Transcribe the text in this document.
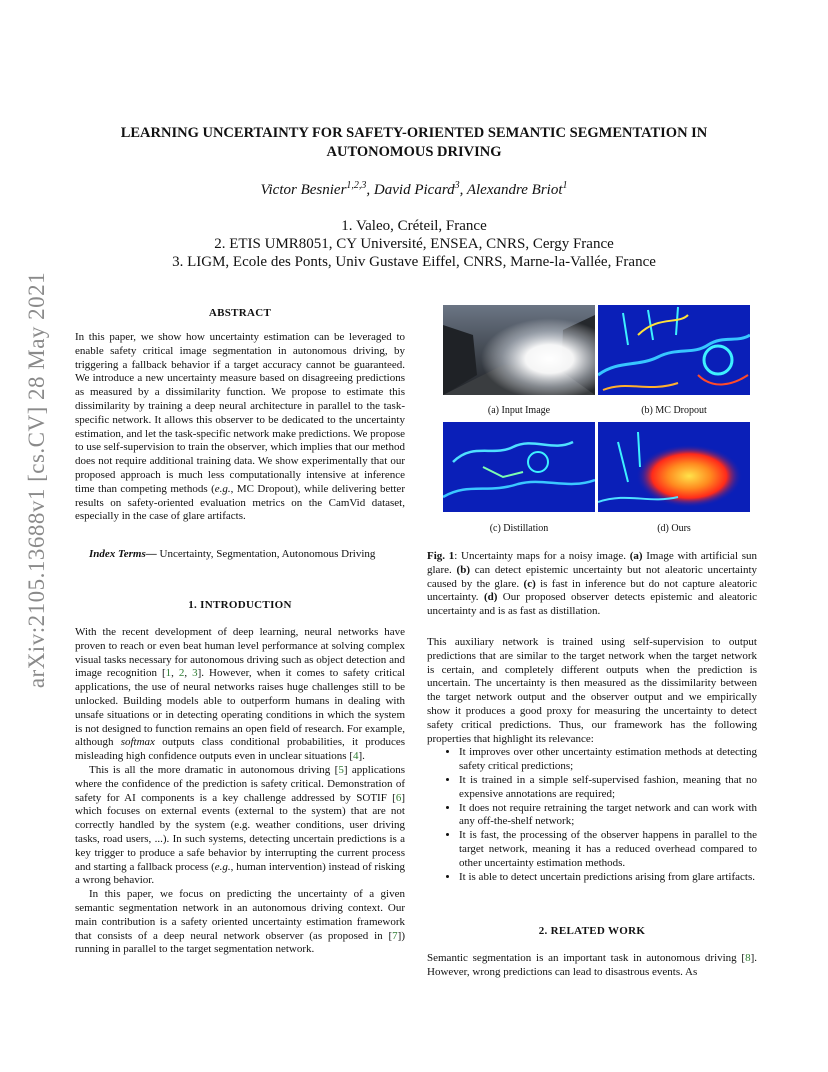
arXiv:2105.13688v1 [cs.CV] 28 May 2021
LEARNING UNCERTAINTY FOR SAFETY-ORIENTED SEMANTIC SEGMENTATION IN AUTONOMOUS DRIVING
Victor Besnier$^{1,2,3}$, David Picard$^3$, Alexandre Briot$^1$
1. Valeo, Créteil, France
2. ETIS UMR8051, CY Université, ENSEA, CNRS, Cergy France
3. LIGM, Ecole des Ponts, Univ Gustave Eiffel, CNRS, Marne-la-Vallée, France
ABSTRACT

In this paper, we show how uncertainty estimation can be leveraged to enable safety critical image segmentation in autonomous driving, by triggering a fallback behavior if a target accuracy cannot be guaranteed. We introduce a new uncertainty measure based on disagreeing predictions as measured by a dissimilarity function. We propose to estimate this dissimilarity by training a deep neural architecture in parallel to the task-specific network. It allows this observer to be dedicated to the uncertainty estimation, and let the task-specific network make predictions. We propose to use self-supervision to train the observer, which implies that our method does not require additional training data. We show experimentally that our proposed approach is much less computationally intensive at inference time than competing methods (e.g., MC Dropout), while delivering better results on safety-oriented evaluation metrics on the CamVid dataset, especially in the case of glare artifacts.

Index Terms— Uncertainty, Segmentation, Autonomous Driving

1. INTRODUCTION

With the recent development of deep learning, neural networks have proven to reach or even beat human level performance at solving complex visual tasks necessary for autonomous driving such as object detection and image recognition [1, 2, 3]. However, when it comes to safety critical applications, the use of neural networks raises huge challenges still to be unlocked. Building models able to outperform humans in dealing with unsafe situations or in detecting operating conditions in which the system is not designed to function remains an open field of research. For example, although softmax outputs class conditional probabilities, it produces misleading high confidence outputs even in unclear situations [4].

This is all the more dramatic in autonomous driving [5] applications where the confidence of the prediction is safety critical. Demonstration of safety for AI components is a key challenge addressed by SOTIF [6] which focuses on external events (external to the system) that are not correctly handled by the system (e.g. weather conditions, user driving tasks, road users, ...). In such systems, detecting uncertain predictions is a key trigger to produce a safe behavior by interrupting the current process and starting a fallback process (e.g., human intervention) instead of risking a wrong behavior.

In this paper, we focus on predicting the uncertainty of a given semantic segmentation network in an autonomous driving context. Our main contribution is a safety oriented uncertainty estimation framework that consists of a deep neural network observer (as proposed in [7]) running in parallel to the target segmentation network.

(a) Input Image	(b) MC Dropout
(c) Distillation	(d) Ours

Fig. 1: Uncertainty maps for a noisy image. (a) Image with artificial sun glare. (b) can detect epistemic uncertainty but not aleatoric uncertainty caused by the glare. (c) is fast in inference but do not capture aleatoric uncertainty. (d) Our proposed observer detects epistemic and aleatoric uncertainty and is as fast as distillation.

This auxiliary network is trained using self-supervision to output predictions that are similar to the target network when the target network is certain, and completely different outputs when the prediction is uncertain. The uncertainty is then measured as the dissimilarity between the target network output and the observer output and we empirically show it produces a good proxy for measuring the uncertainty to detect safety critical predictions. Thus, our framework has the following properties that highlight its relevance:

• It improves over other uncertainty estimation methods at detecting safety critical predictions;
• It is trained in a simple self-supervised fashion, meaning that no expensive annotations are required;
• It does not require retraining the target network and can work with any off-the-shelf network;
• It is fast, the processing of the observer happens in parallel to the target network, meaning it has a reduced overhead compared to other uncertainty estimation methods.
• It is able to detect uncertain predictions arising from glare artifacts.
2. RELATED WORK

Semantic segmentation is an important task in autonomous driving [8]. However, wrong predictions can lead to disastrous events. As
